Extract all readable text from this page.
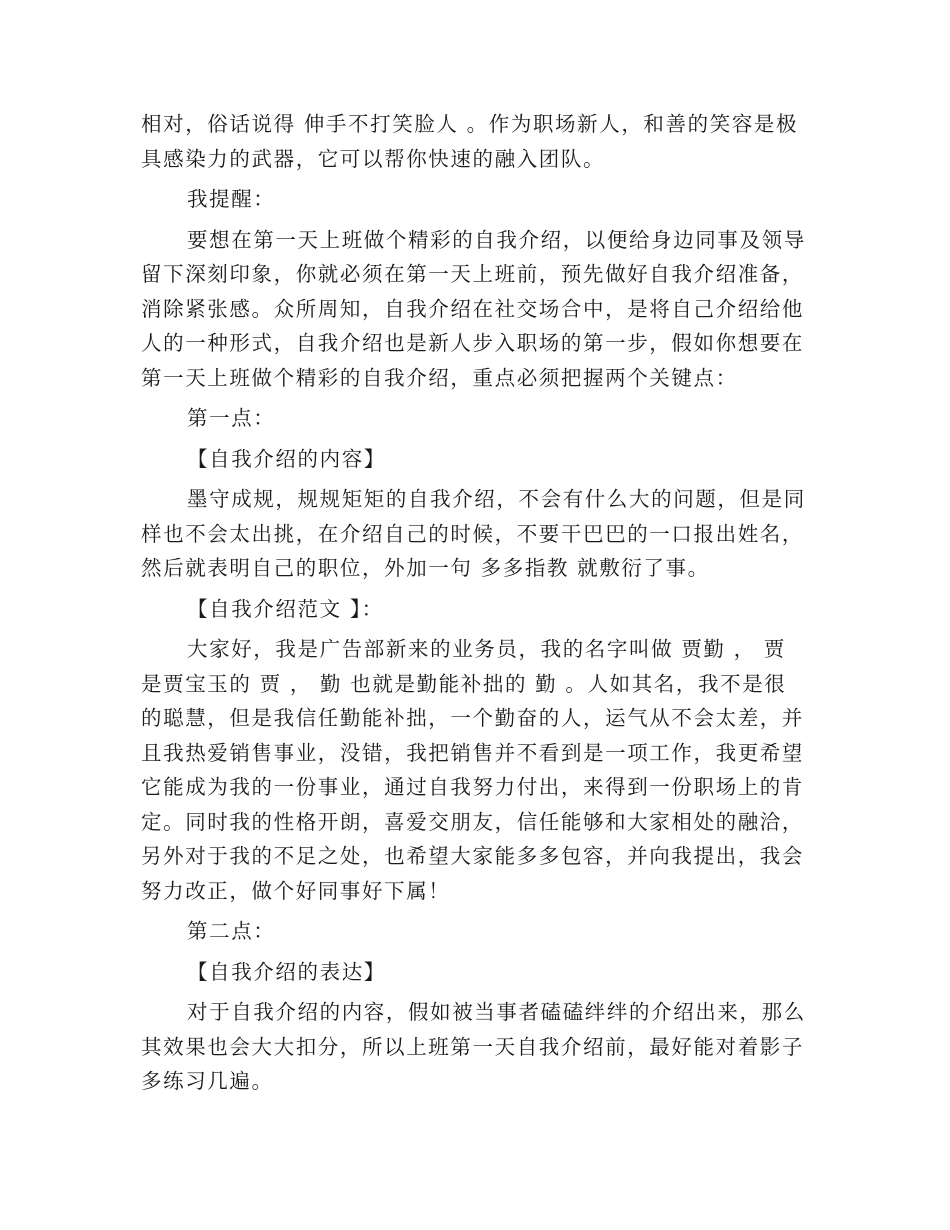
相对，俗话说得 伸手不打笑脸人 。作为职场新人，和善的笑容是极
具感染力的武器，它可以帮你快速的融入团队。
我提醒：
要想在第一天上班做个精彩的自我介绍，以便给身边同事及领导
留下深刻印象，你就必须在第一天上班前，预先做好自我介绍准备，
消除紧张感。众所周知，自我介绍在社交场合中，是将自己介绍给他
人的一种形式，自我介绍也是新人步入职场的第一步，假如你想要在
第一天上班做个精彩的自我介绍，重点必须把握两个关键点：
第一点：
【自我介绍的内容】
墨守成规，规规矩矩的自我介绍，不会有什么大的问题，但是同
样也不会太出挑，在介绍自己的时候，不要干巴巴的一口报出姓名，
然后就表明自己的职位，外加一句 多多指教 就敷衍了事。
【自我介绍范文 】：
大家好，我是广告部新来的业务员，我的名字叫做 贾勤 ， 贾
是贾宝玉的 贾 ， 勤 也就是勤能补拙的 勤 。人如其名，我不是很
的聪慧，但是我信任勤能补拙，一个勤奋的人，运气从不会太差，并
且我热爱销售事业，没错，我把销售并不看到是一项工作，我更希望
它能成为我的一份事业，通过自我努力付出，来得到一份职场上的肯
定。同时我的性格开朗，喜爱交朋友，信任能够和大家相处的融洽，
另外对于我的不足之处，也希望大家能多多包容，并向我提出，我会
努力改正，做个好同事好下属！
第二点：
【自我介绍的表达】
对于自我介绍的内容，假如被当事者磕磕绊绊的介绍出来，那么
其效果也会大大扣分，所以上班第一天自我介绍前，最好能对着影子
多练习几遍。
